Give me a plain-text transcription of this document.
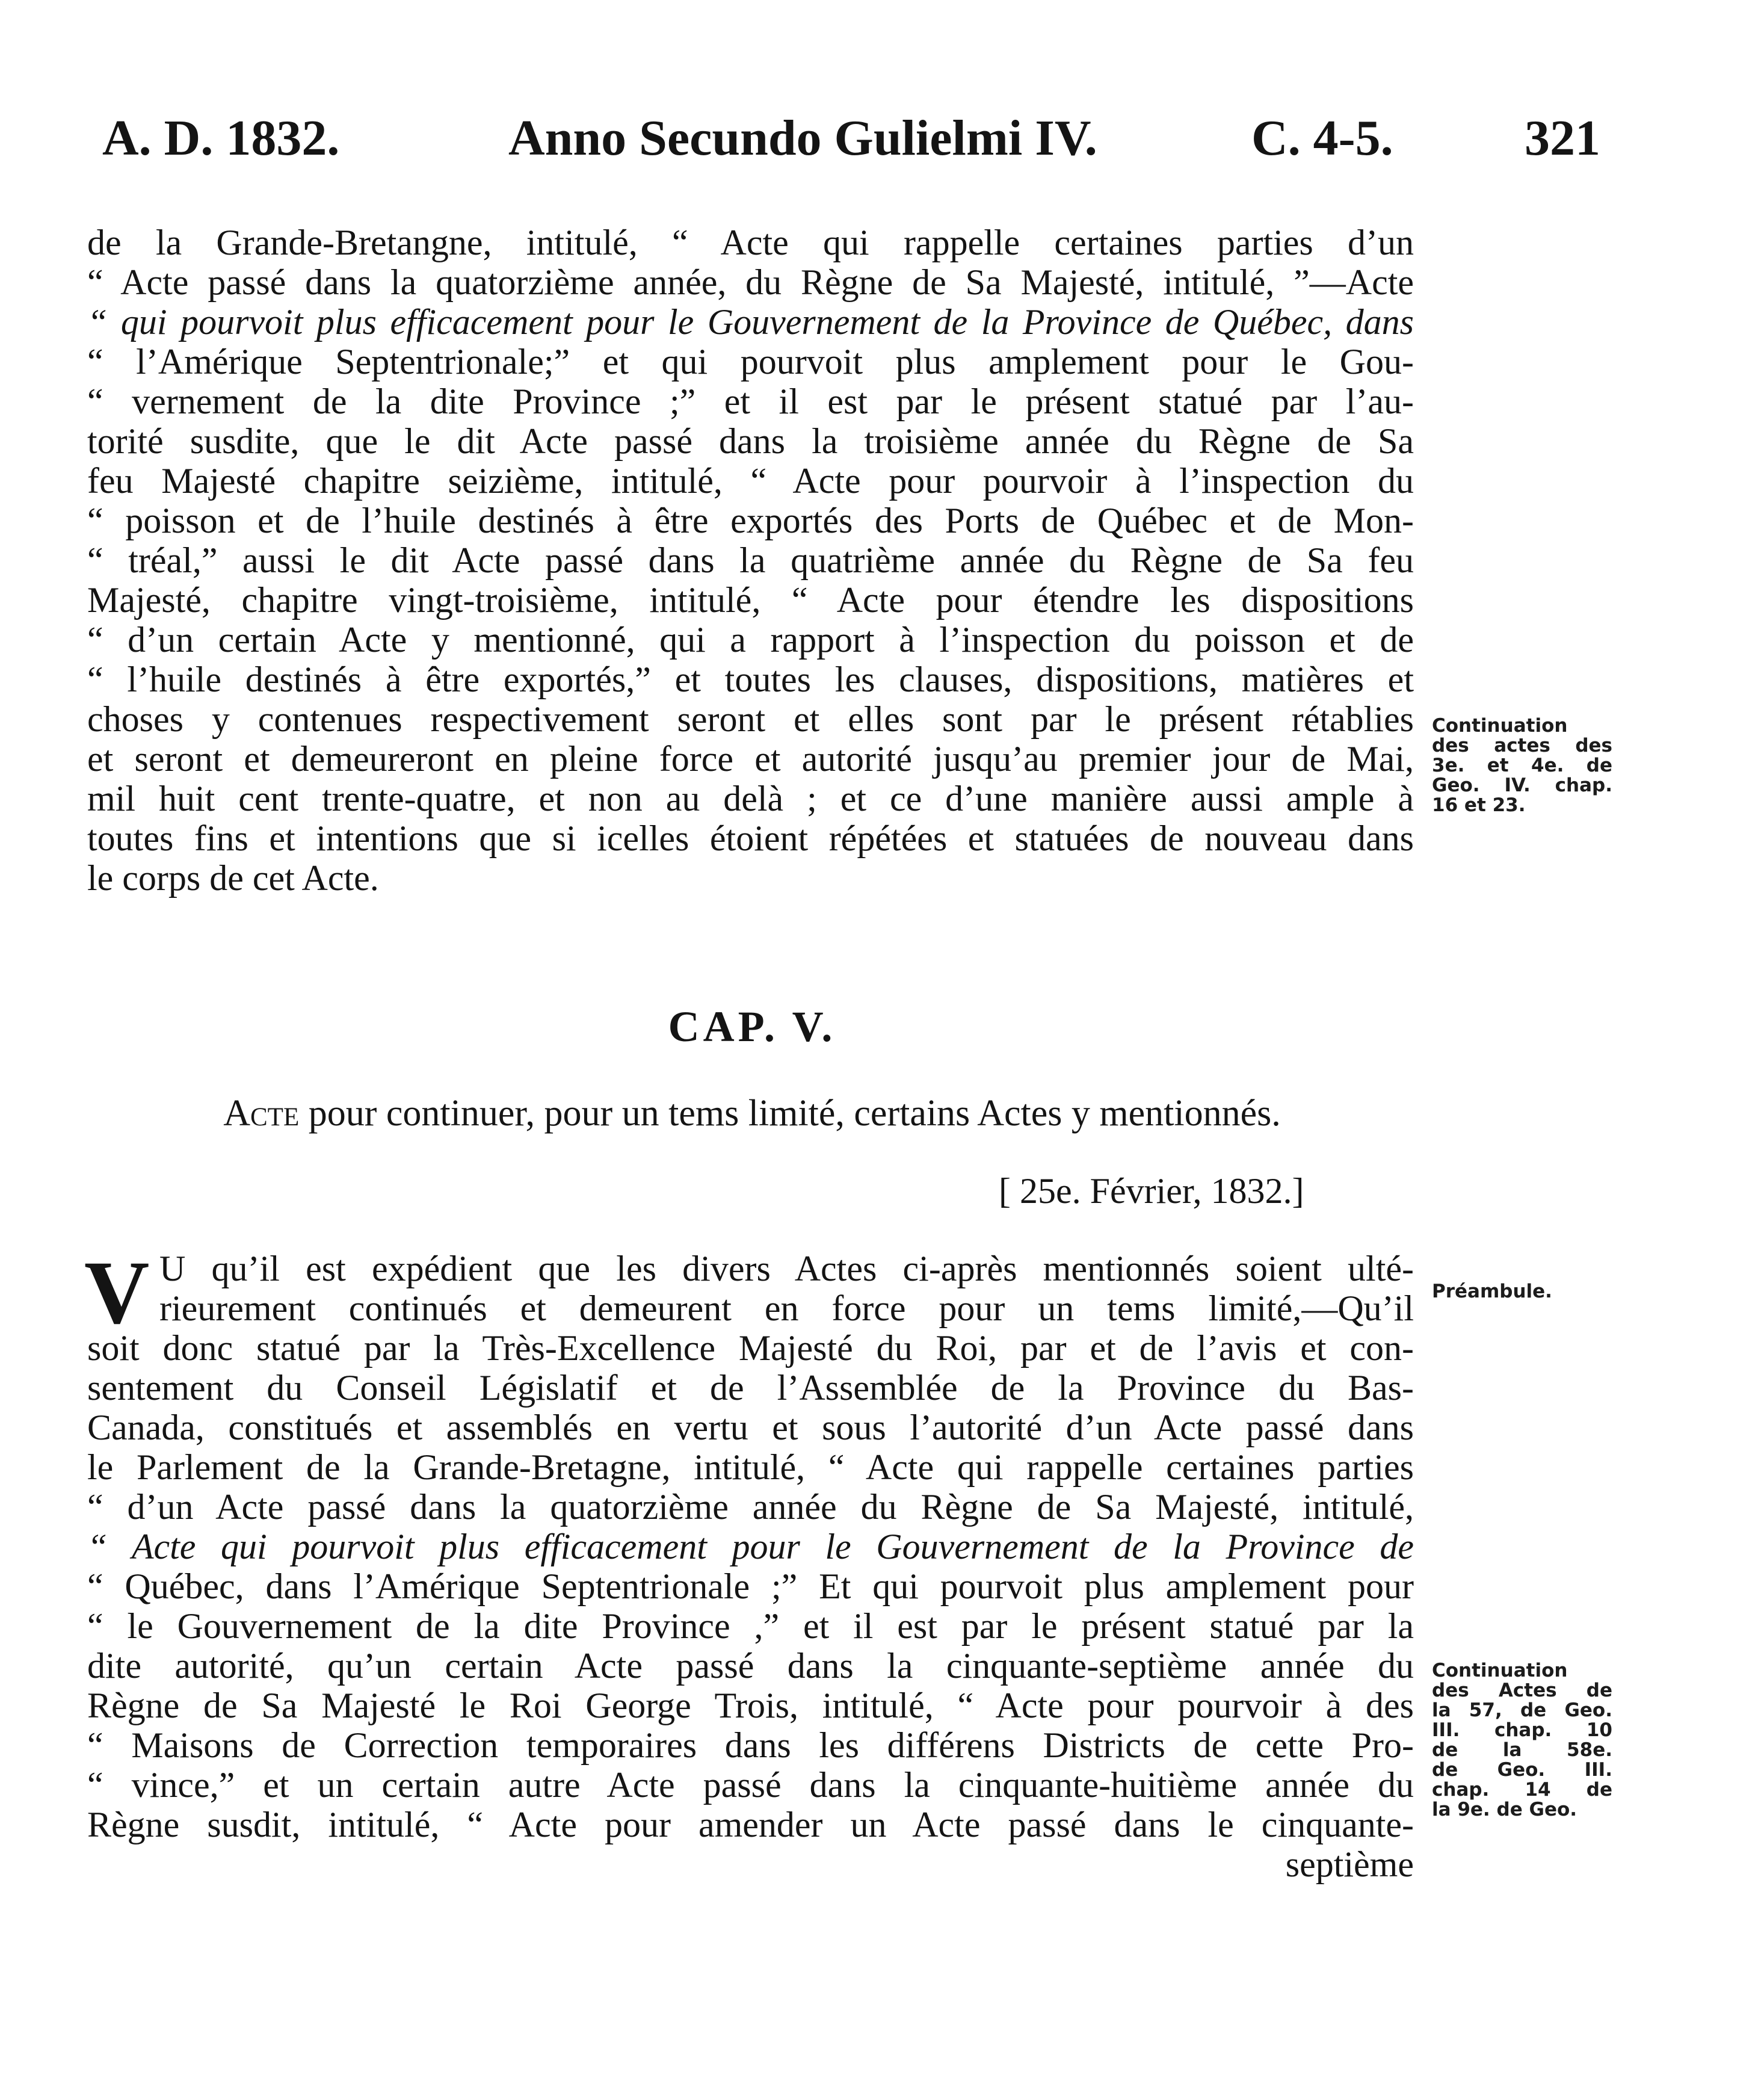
A. D. 1832.	Anno Secundo Gulielmi IV.	C. 4-5.	321
de la Grande-Bretangne, intitulé, “ Acte qui rappelle certaines parties d’un
“ Acte passé dans la quatorzième année, du Règne de Sa Majesté, intitulé, ”—Acte
“ qui pourvoit plus efficacement pour le Gouvernement de la Province de Québec, dans
“ l’Amérique Septentrionale;” et qui pourvoit plus amplement pour le Gou-
“ vernement de la dite Province ;” et il est par le présent statué par l’au-
torité susdite, que le dit Acte passé dans la troisième année du Règne de Sa
feu Majesté chapitre seizième, intitulé, “ Acte pour pourvoir à l’inspection du
“ poisson et de l’huile destinés à être exportés des Ports de Québec et de Mon-
“ tréal,” aussi le dit Acte passé dans la quatrième année du Règne de Sa feu
Majesté, chapitre vingt-troisième, intitulé, “ Acte pour étendre les dispositions
“ d’un certain Acte y mentionné, qui a rapport à l’inspection du poisson et de
“ l’huile destinés à être exportés,” et toutes les clauses, dispositions, matières et
choses y contenues respectivement seront et elles sont par le présent rétablies
et seront et demeureront en pleine force et autorité jusqu’au premier jour de Mai,
mil huit cent trente-quatre, et non au delà ; et ce d’une manière aussi ample à
toutes fins et intentions que si icelles étoient répétées et statuées de nouveau dans
le corps de cet Acte.
Continuation
des actes des
3e. et 4e. de
Geo. IV. chap.
16 et 23.
CAP. V.
Acte pour continuer, pour un tems limité, certains Actes y mentionnés.
[ 25e. Février, 1832.]
V U qu’il est expédient que les divers Actes ci-après mentionnés soient ulté-
rieurement continués et demeurent en force pour un tems limité,—Qu’il
soit donc statué par la Très-Excellence Majesté du Roi, par et de l’avis et con-
sentement du Conseil Législatif et de l’Assemblée de la Province du Bas-
Canada, constitués et assemblés en vertu et sous l’autorité d’un Acte passé dans
le Parlement de la Grande-Bretagne, intitulé, “ Acte qui rappelle certaines parties
“ d’un Acte passé dans la quatorzième année du Règne de Sa Majesté, intitulé,
“ Acte qui pourvoit plus efficacement pour le Gouvernement de la Province de
“ Québec, dans l’Amérique Septentrionale ;” Et qui pourvoit plus amplement pour
“ le Gouvernement de la dite Province ,” et il est par le présent statué par la
dite autorité, qu’un certain Acte passé dans la cinquante-septième année du
Règne de Sa Majesté le Roi George Trois, intitulé, “ Acte pour pourvoir à des
“ Maisons de Correction temporaires dans les différens Districts de cette Pro-
“ vince,” et un certain autre Acte passé dans la cinquante-huitième année du
Règne susdit, intitulé, “ Acte pour amender un Acte passé dans le cinquante-
septième
Préambule.
Continuation
des Actes de
la 57, de Geo.
III. chap. 10
de la 58e.
de Geo. III.
chap. 14 de
la 9e. de Geo.
